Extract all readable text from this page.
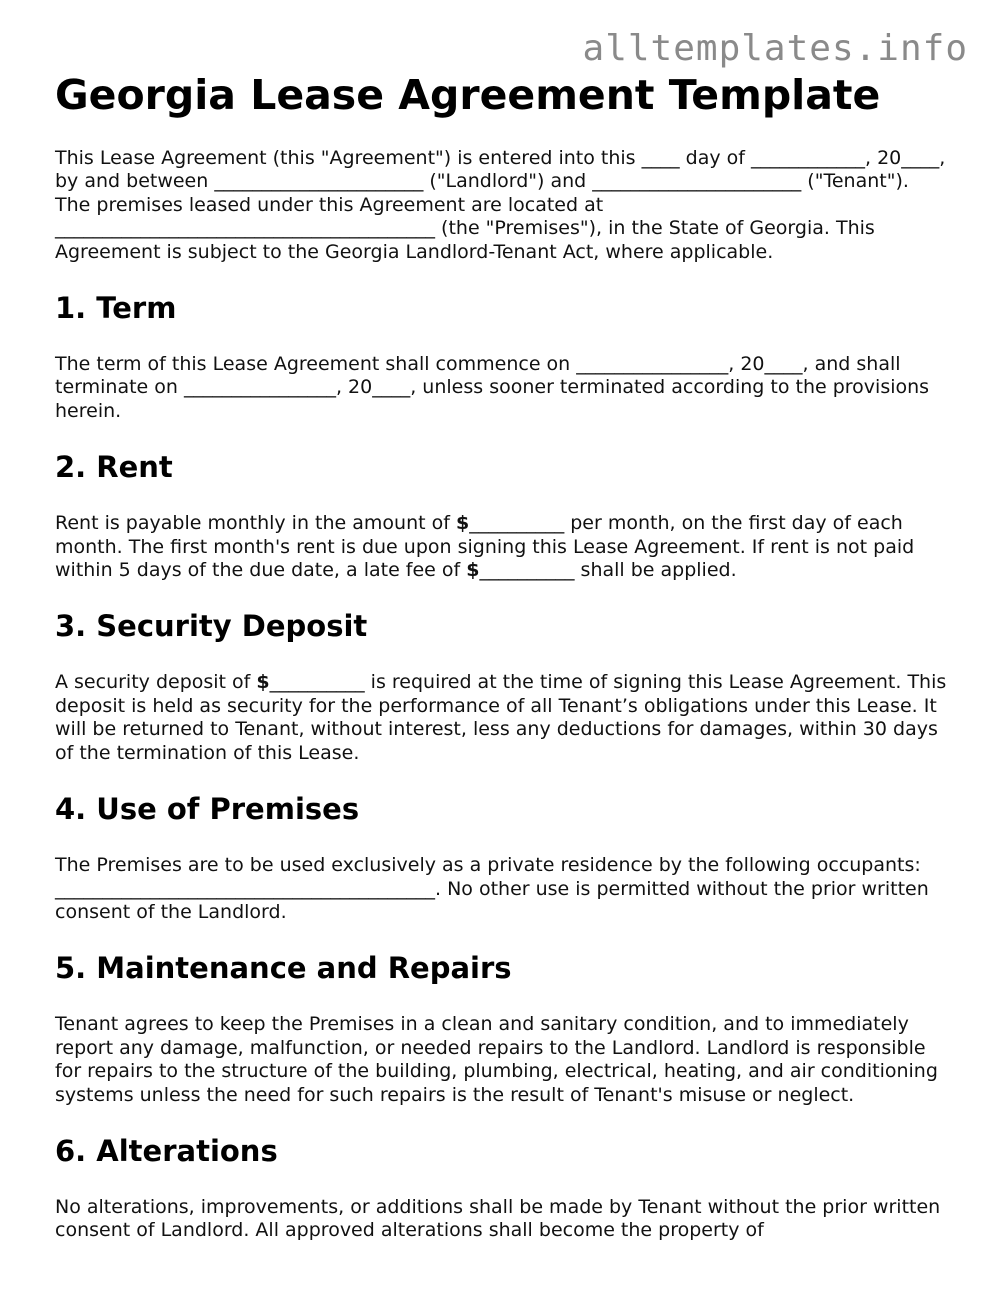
alltemplates.info
Georgia Lease Agreement Template

This Lease Agreement (this "Agreement") is entered into this ____ day of ____________, 20____, by and between ______________________ ("Landlord") and ______________________ ("Tenant"). The premises leased under this Agreement are located at ________________________________________ (the "Premises"), in the State of Georgia. This Agreement is subject to the Georgia Landlord-Tenant Act, where applicable.

1. Term

The term of this Lease Agreement shall commence on ________________, 20____, and shall terminate on ________________, 20____, unless sooner terminated according to the provisions herein.

2. Rent

Rent is payable monthly in the amount of $__________ per month, on the first day of each month. The first month's rent is due upon signing this Lease Agreement. If rent is not paid within 5 days of the due date, a late fee of $__________ shall be applied.

3. Security Deposit

A security deposit of $__________ is required at the time of signing this Lease Agreement. This deposit is held as security for the performance of all Tenant’s obligations under this Lease. It will be returned to Tenant, without interest, less any deductions for damages, within 30 days of the termination of this Lease.

4. Use of Premises

The Premises are to be used exclusively as a private residence by the following occupants: ________________________________________. No other use is permitted without the prior written consent of the Landlord.

5. Maintenance and Repairs

Tenant agrees to keep the Premises in a clean and sanitary condition, and to immediately report any damage, malfunction, or needed repairs to the Landlord. Landlord is responsible for repairs to the structure of the building, plumbing, electrical, heating, and air conditioning systems unless the need for such repairs is the result of Tenant's misuse or neglect.

6. Alterations

No alterations, improvements, or additions shall be made by Tenant without the prior written consent of Landlord. All approved alterations shall become the property of
